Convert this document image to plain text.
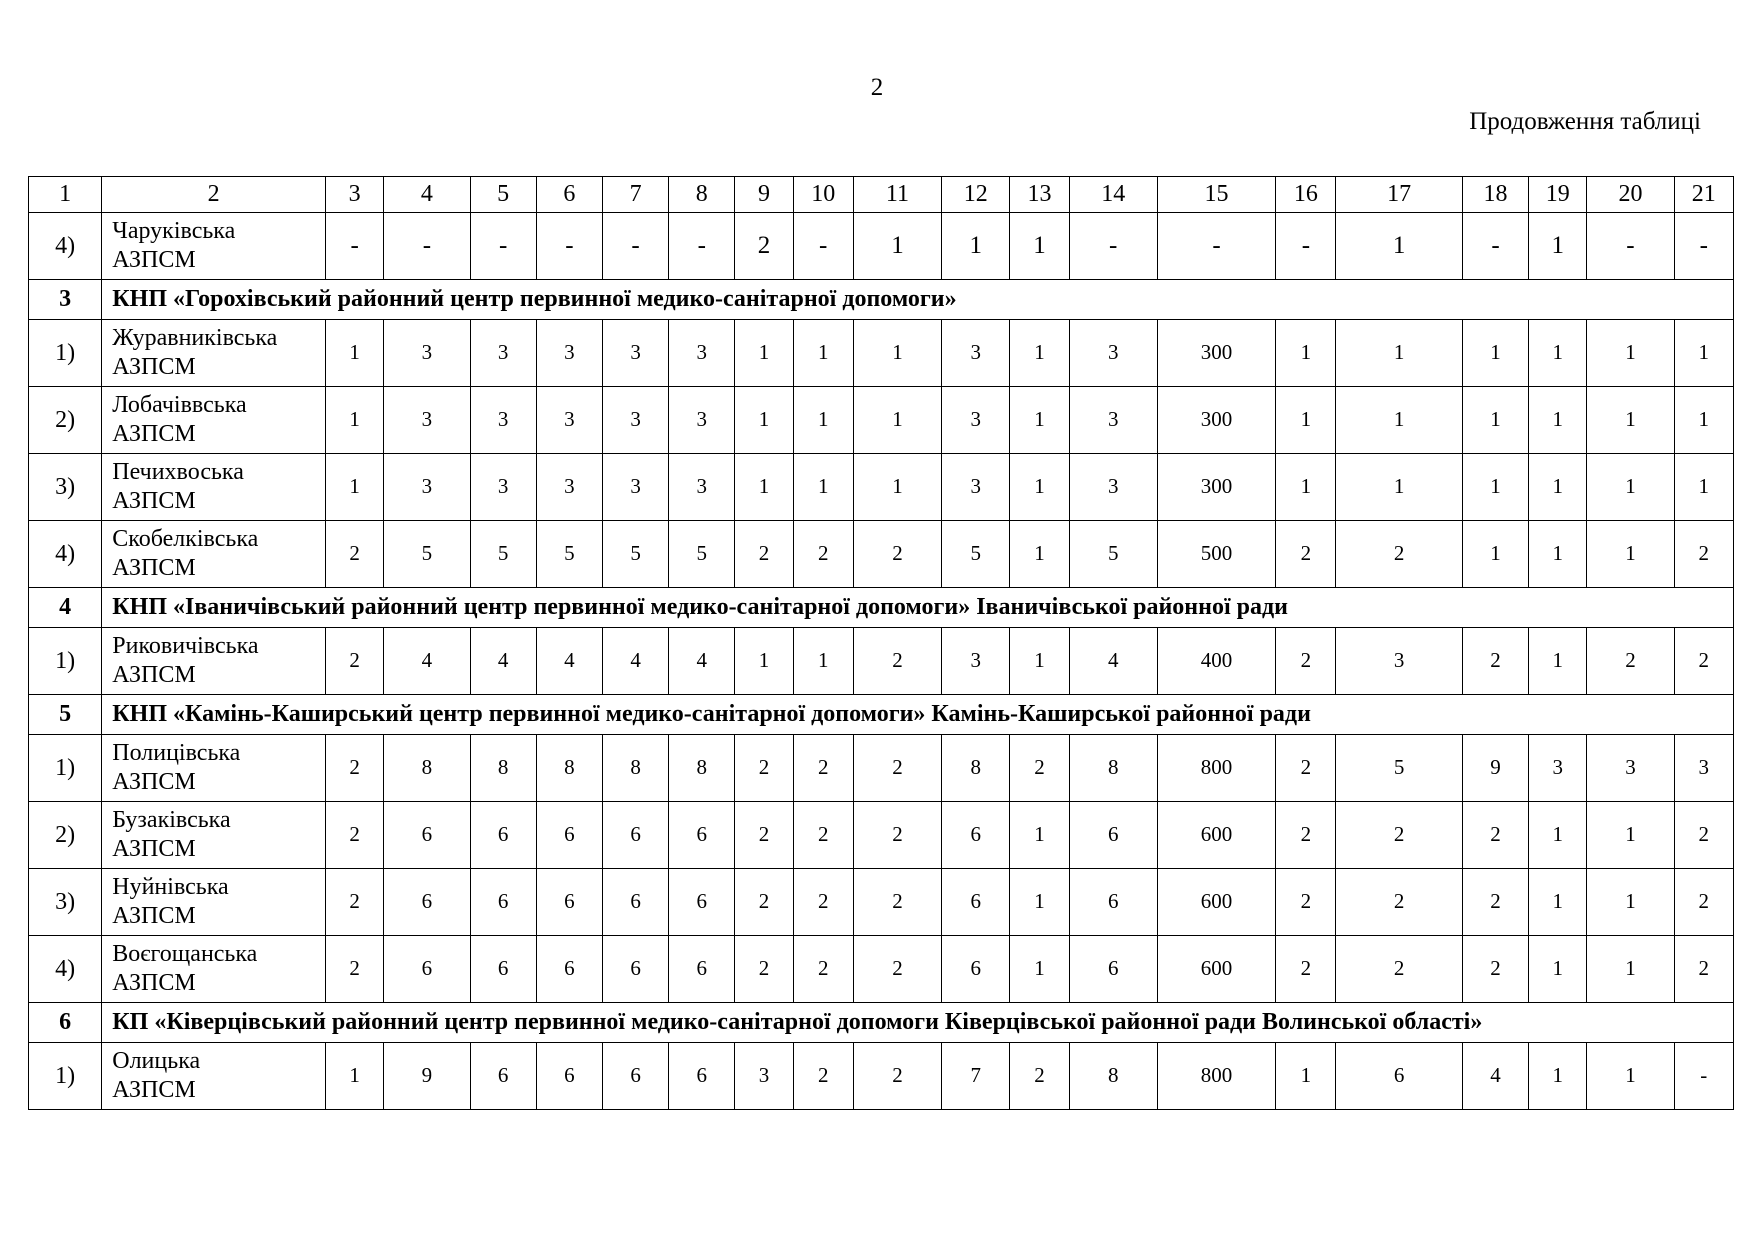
2
Продовження таблиці
1	2	3	4	5	6	7	8	9	10	11	12	13	14	15	16	17	18	19	20	21
4)	Чаруківська
АЗПСМ	-	-	-	-	-	-	2	-	1	1	1	-	-	-	1	-	1	-	-
3	КНП «Горохівський районний центр первинної медико-санітарної допомоги»																			
1)	Журавниківська
АЗПСМ	1	3	3	3	3	3	1	1	1	3	1	3	300	1	1	1	1	1	1
2)	Лобачіввська
АЗПСМ	1	3	3	3	3	3	1	1	1	3	1	3	300	1	1	1	1	1	1
3)	Печихвоська
АЗПСМ	1	3	3	3	3	3	1	1	1	3	1	3	300	1	1	1	1	1	1
4)	Скобелківська
АЗПСМ	2	5	5	5	5	5	2	2	2	5	1	5	500	2	2	1	1	1	2
4	КНП «Іваничівський районний центр первинної медико-санітарної допомоги» Іваничівської районної ради																			
1)	Риковичівська
АЗПСМ	2	4	4	4	4	4	1	1	2	3	1	4	400	2	3	2	1	2	2
5	КНП «Камінь-Каширський центр первинної медико-санітарної допомоги» Камінь-Каширської районної ради																			
1)	Полицівська
АЗПСМ	2	8	8	8	8	8	2	2	2	8	2	8	800	2	5	9	3	3	3
2)	Бузаківська
АЗПСМ	2	6	6	6	6	6	2	2	2	6	1	6	600	2	2	2	1	1	2
3)	Нуйнівська
АЗПСМ	2	6	6	6	6	6	2	2	2	6	1	6	600	2	2	2	1	1	2
4)	Воєгощанська
АЗПСМ	2	6	6	6	6	6	2	2	2	6	1	6	600	2	2	2	1	1	2
6	КП «Ківерцівський районний центр первинної медико-санітарної допомоги Ківерцівської районної ради Волинської області»																			
1)	Олицька
АЗПСМ	1	9	6	6	6	6	3	2	2	7	2	8	800	1	6	4	1	1	-
